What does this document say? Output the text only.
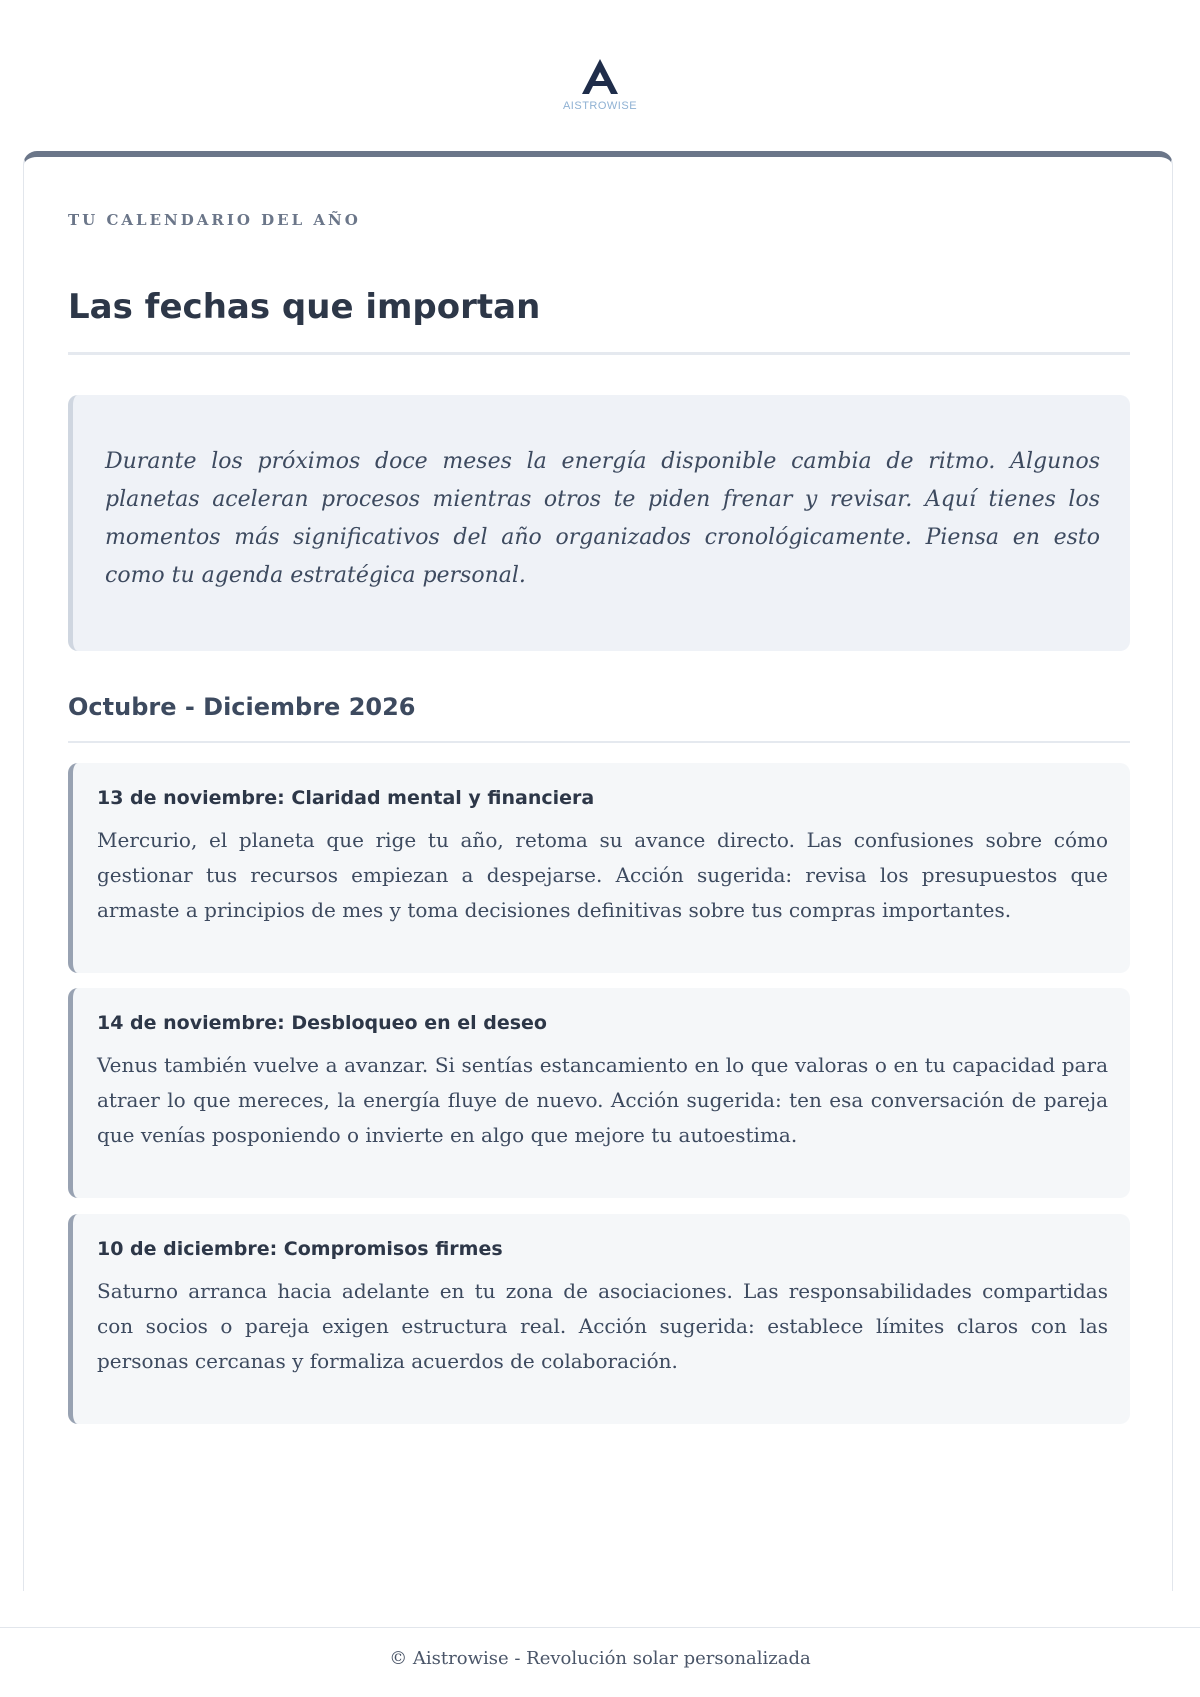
AISTROWISE

TU CALENDARIO DEL AÑO

Las fechas que importan

Durante los próximos doce meses la energía disponible cambia de ritmo. Algunos planetas aceleran procesos mientras otros te piden frenar y revisar. Aquí tienes los momentos más significativos del año organizados cronológicamente. Piensa en esto como tu agenda estratégica personal.

Octubre - Diciembre 2026
13 de noviembre: Claridad mental y financiera

Mercurio, el planeta que rige tu año, retoma su avance directo. Las confusiones sobre cómo gestionar tus recursos empiezan a despejarse. Acción sugerida: revisa los presupuestos que armaste a principios de mes y toma decisiones definitivas sobre tus compras importantes.

14 de noviembre: Desbloqueo en el deseo

Venus también vuelve a avanzar. Si sentías estancamiento en lo que valoras o en tu capacidad para atraer lo que mereces, la energía fluye de nuevo. Acción sugerida: ten esa conversación de pareja que venías posponiendo o invierte en algo que mejore tu autoestima.

10 de diciembre: Compromisos firmes

Saturno arranca hacia adelante en tu zona de asociaciones. Las responsabilidades compartidas con socios o pareja exigen estructura real. Acción sugerida: establece límites claros con las personas cercanas y formaliza acuerdos de colaboración.

© Aistrowise - Revolución solar personalizada
